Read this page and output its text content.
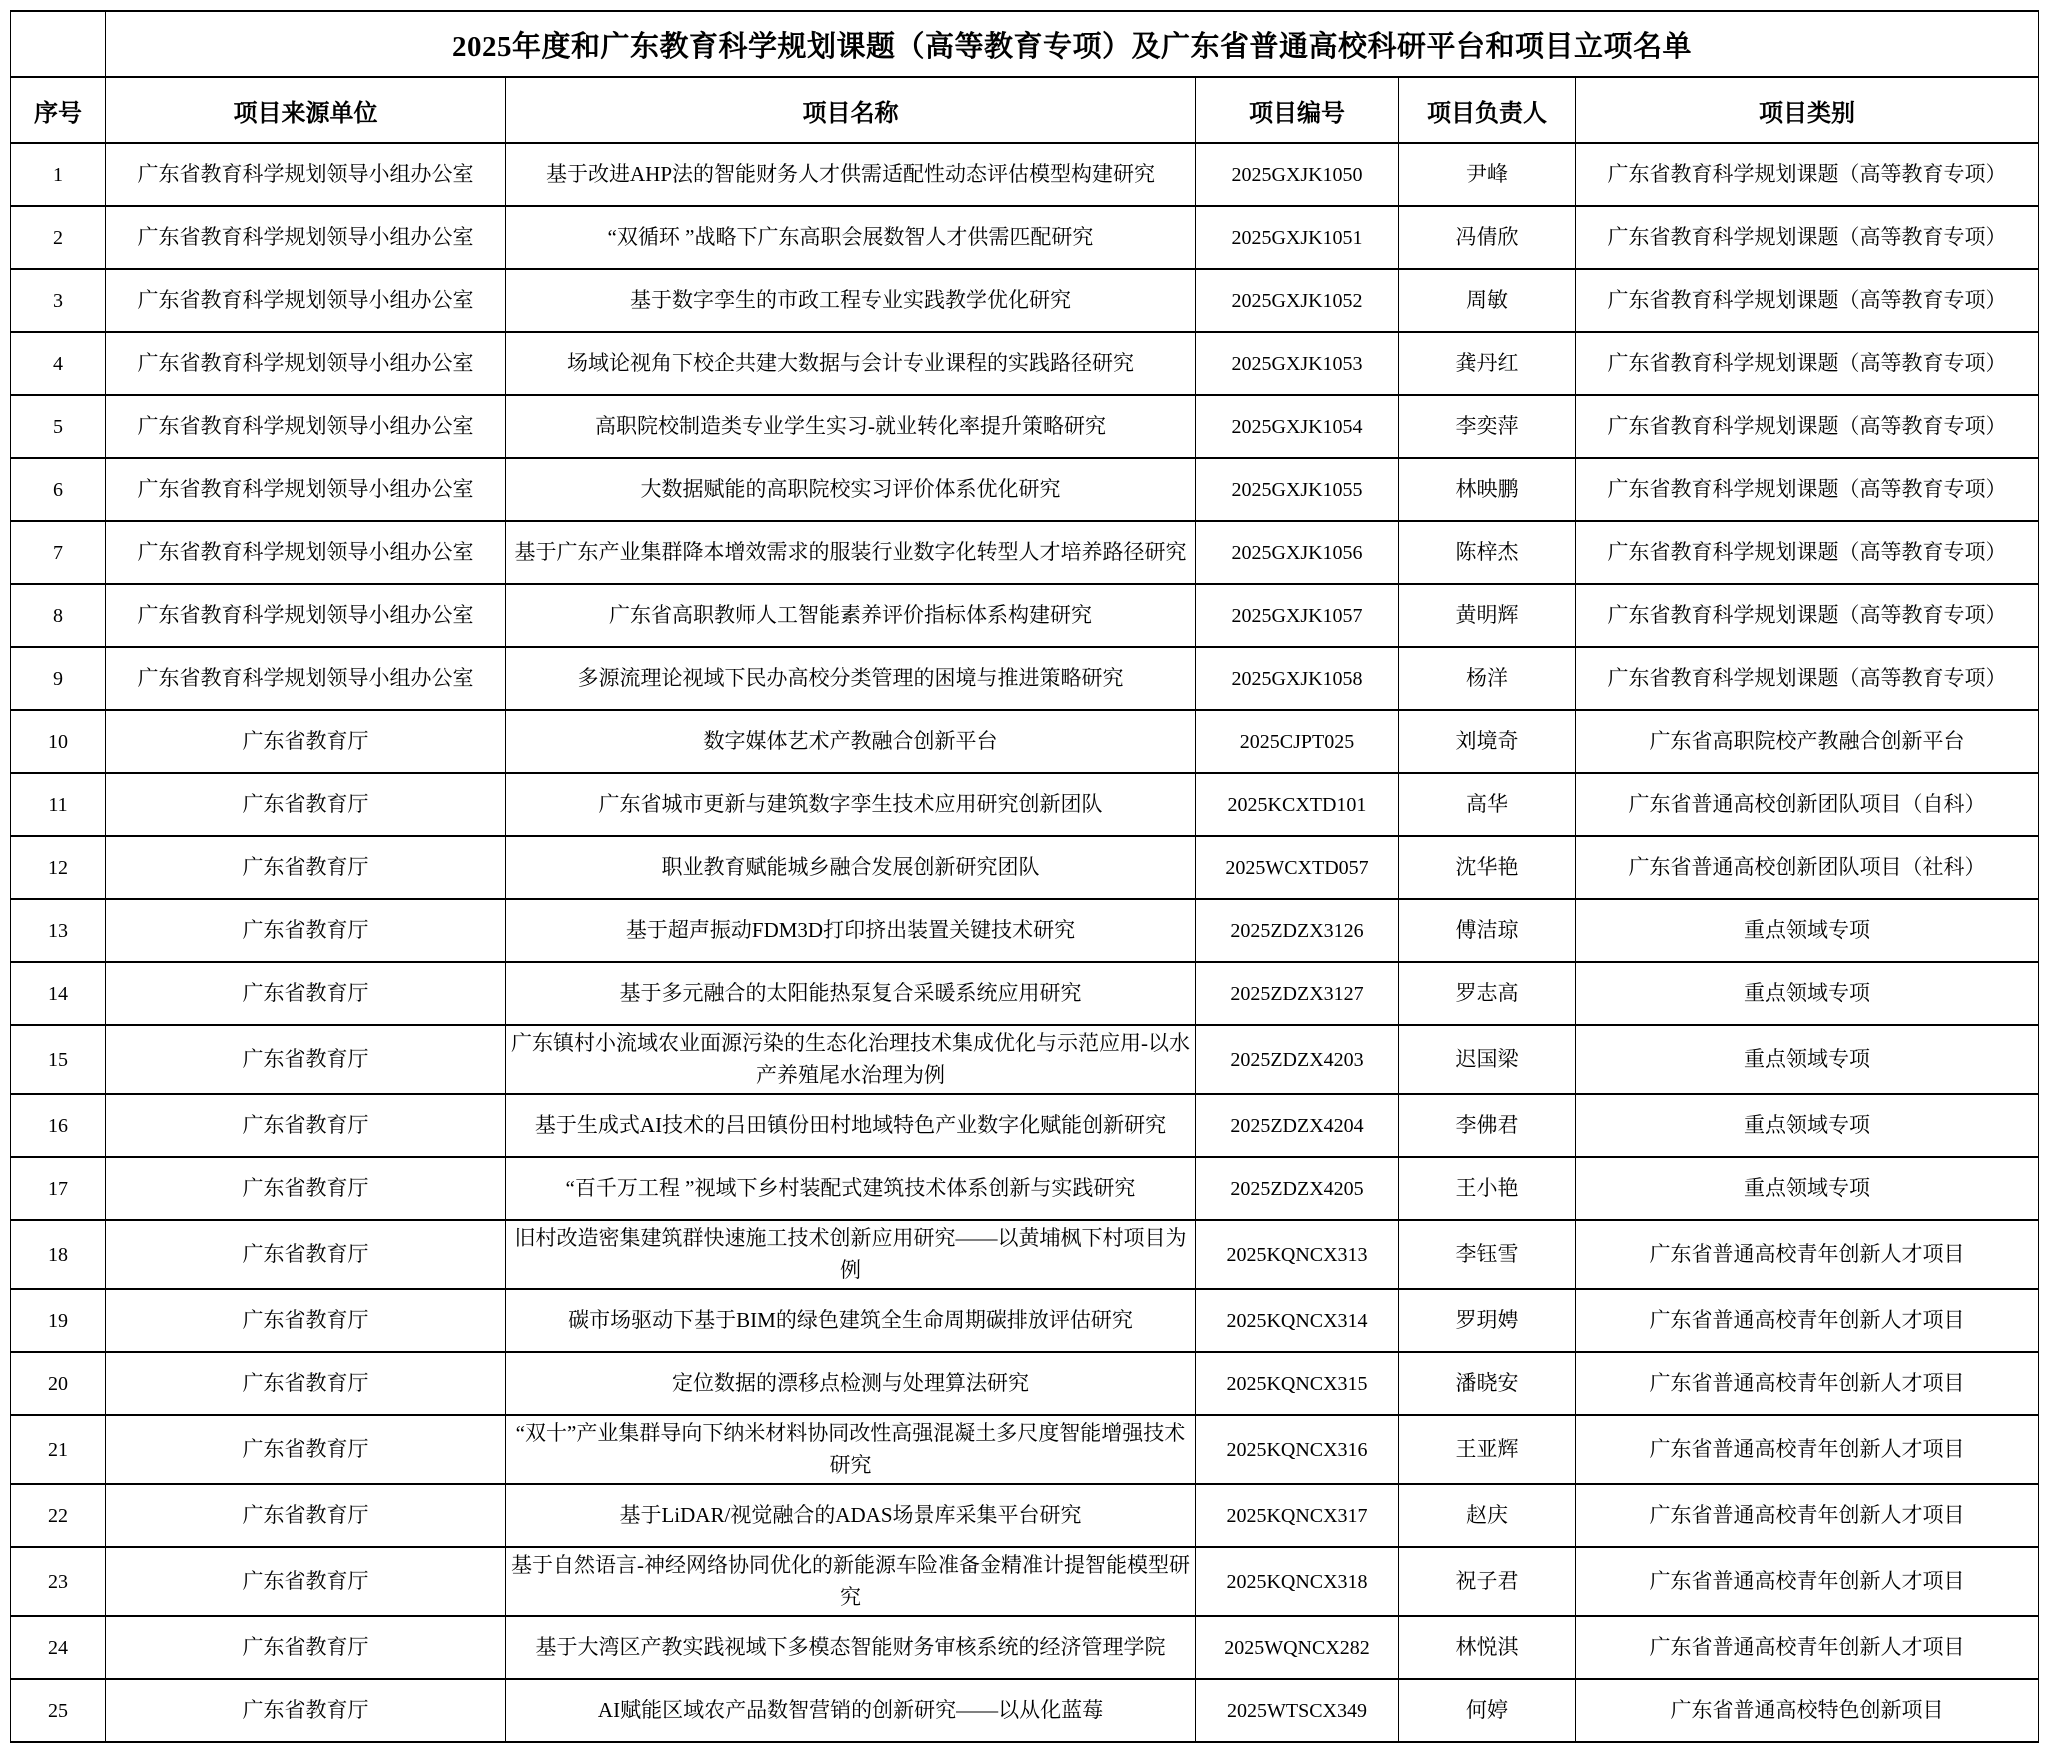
	2025年度和广东教育科学规划课题（高等教育专项）及广东省普通高校科研平台和项目立项名单				
序号	项目来源单位	项目名称	项目编号	项目负责人	项目类别
1	广东省教育科学规划领导小组办公室	基于改进AHP法的智能财务人才供需适配性动态评估模型构建研究	2025GXJK1050	尹峰	广东省教育科学规划课题（高等教育专项）
2	广东省教育科学规划领导小组办公室	“双循环 ”战略下广东高职会展数智人才供需匹配研究	2025GXJK1051	冯倩欣	广东省教育科学规划课题（高等教育专项）
3	广东省教育科学规划领导小组办公室	基于数字孪生的市政工程专业实践教学优化研究	2025GXJK1052	周敏	广东省教育科学规划课题（高等教育专项）
4	广东省教育科学规划领导小组办公室	场域论视角下校企共建大数据与会计专业课程的实践路径研究	2025GXJK1053	龚丹红	广东省教育科学规划课题（高等教育专项）
5	广东省教育科学规划领导小组办公室	高职院校制造类专业学生实习-就业转化率提升策略研究	2025GXJK1054	李奕萍	广东省教育科学规划课题（高等教育专项）
6	广东省教育科学规划领导小组办公室	大数据赋能的高职院校实习评价体系优化研究	2025GXJK1055	林映鹏	广东省教育科学规划课题（高等教育专项）
7	广东省教育科学规划领导小组办公室	基于广东产业集群降本增效需求的服装行业数字化转型人才培养路径研究	2025GXJK1056	陈梓杰	广东省教育科学规划课题（高等教育专项）
8	广东省教育科学规划领导小组办公室	广东省高职教师人工智能素养评价指标体系构建研究	2025GXJK1057	黄明辉	广东省教育科学规划课题（高等教育专项）
9	广东省教育科学规划领导小组办公室	多源流理论视域下民办高校分类管理的困境与推进策略研究	2025GXJK1058	杨洋	广东省教育科学规划课题（高等教育专项）
10	广东省教育厅	数字媒体艺术产教融合创新平台	2025CJPT025	刘境奇	广东省高职院校产教融合创新平台
11	广东省教育厅	广东省城市更新与建筑数字孪生技术应用研究创新团队	2025KCXTD101	高华	广东省普通高校创新团队项目（自科）
12	广东省教育厅	职业教育赋能城乡融合发展创新研究团队	2025WCXTD057	沈华艳	广东省普通高校创新团队项目（社科）
13	广东省教育厅	基于超声振动FDM3D打印挤出装置关键技术研究	2025ZDZX3126	傅洁琼	重点领域专项
14	广东省教育厅	基于多元融合的太阳能热泵复合采暖系统应用研究	2025ZDZX3127	罗志高	重点领域专项
15	广东省教育厅	广东镇村小流域农业面源污染的生态化治理技术集成优化与示范应用-以水产养殖尾水治理为例	2025ZDZX4203	迟国梁	重点领域专项
16	广东省教育厅	基于生成式AI技术的吕田镇份田村地域特色产业数字化赋能创新研究	2025ZDZX4204	李佛君	重点领域专项
17	广东省教育厅	“百千万工程 ”视域下乡村装配式建筑技术体系创新与实践研究	2025ZDZX4205	王小艳	重点领域专项
18	广东省教育厅	旧村改造密集建筑群快速施工技术创新应用研究——以黄埔枫下村项目为例	2025KQNCX313	李钰雪	广东省普通高校青年创新人才项目
19	广东省教育厅	碳市场驱动下基于BIM的绿色建筑全生命周期碳排放评估研究	2025KQNCX314	罗玥娉	广东省普通高校青年创新人才项目
20	广东省教育厅	定位数据的漂移点检测与处理算法研究	2025KQNCX315	潘晓安	广东省普通高校青年创新人才项目
21	广东省教育厅	“双十”产业集群导向下纳米材料协同改性高强混凝土多尺度智能增强技术研究	2025KQNCX316	王亚辉	广东省普通高校青年创新人才项目
22	广东省教育厅	基于LiDAR/视觉融合的ADAS场景库采集平台研究	2025KQNCX317	赵庆	广东省普通高校青年创新人才项目
23	广东省教育厅	基于自然语言-神经网络协同优化的新能源车险准备金精准计提智能模型研究	2025KQNCX318	祝子君	广东省普通高校青年创新人才项目
24	广东省教育厅	基于大湾区产教实践视域下多模态智能财务审核系统的经济管理学院	2025WQNCX282	林悦淇	广东省普通高校青年创新人才项目
25	广东省教育厅	AI赋能区域农产品数智营销的创新研究——以从化蓝莓	2025WTSCX349	何婷	广东省普通高校特色创新项目
